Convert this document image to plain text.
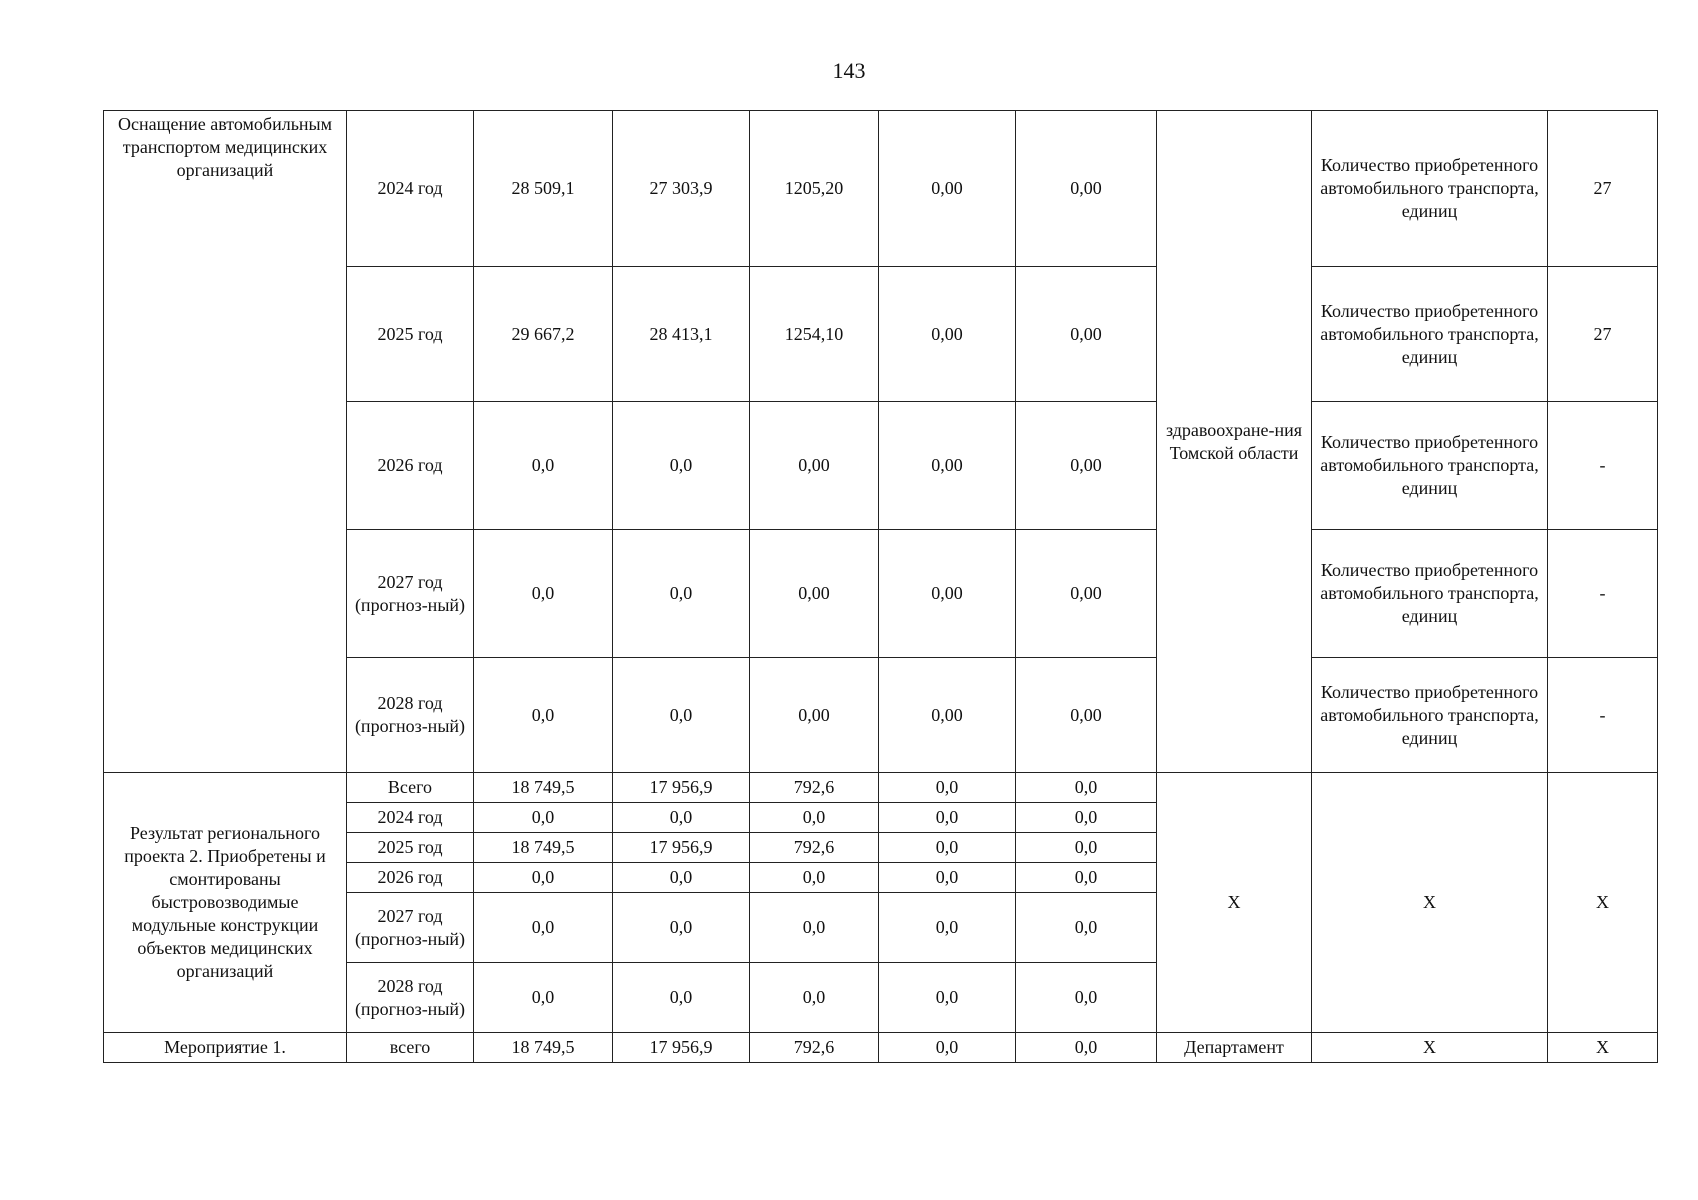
143
Оснащение автомобильным транспортом медицинских организаций	2024 год	28 509,1	27 303,9	1205,20	0,00	0,00	здравоохране-ния Томской области	Количество приобретенного автомобильного транспорта, единиц	27
	2025 год	29 667,2	28 413,1	1254,10	0,00	0,00		Количество приобретенного автомобильного транспорта, единиц	27
	2026 год	0,0	0,0	0,00	0,00	0,00		Количество приобретенного автомобильного транспорта, единиц	-
	2027 год (прогноз-ный)	0,0	0,0	0,00	0,00	0,00		Количество приобретенного автомобильного транспорта, единиц	-
	2028 год (прогноз-ный)	0,0	0,0	0,00	0,00	0,00		Количество приобретенного автомобильного транспорта, единиц	-
Результат регионального проекта 2. Приобретены и смонтированы быстровозводимые модульные конструкции объектов медицинских организаций	Всего	18 749,5	17 956,9	792,6	0,0	0,0	Х	Х	Х
	2024 год	0,0	0,0	0,0	0,0	0,0			
	2025 год	18 749,5	17 956,9	792,6	0,0	0,0			
	2026 год	0,0	0,0	0,0	0,0	0,0			
	2027 год (прогноз-ный)	0,0	0,0	0,0	0,0	0,0			
	2028 год (прогноз-ный)	0,0	0,0	0,0	0,0	0,0			
Мероприятие 1.	всего	18 749,5	17 956,9	792,6	0,0	0,0	Департамент	Х	Х
